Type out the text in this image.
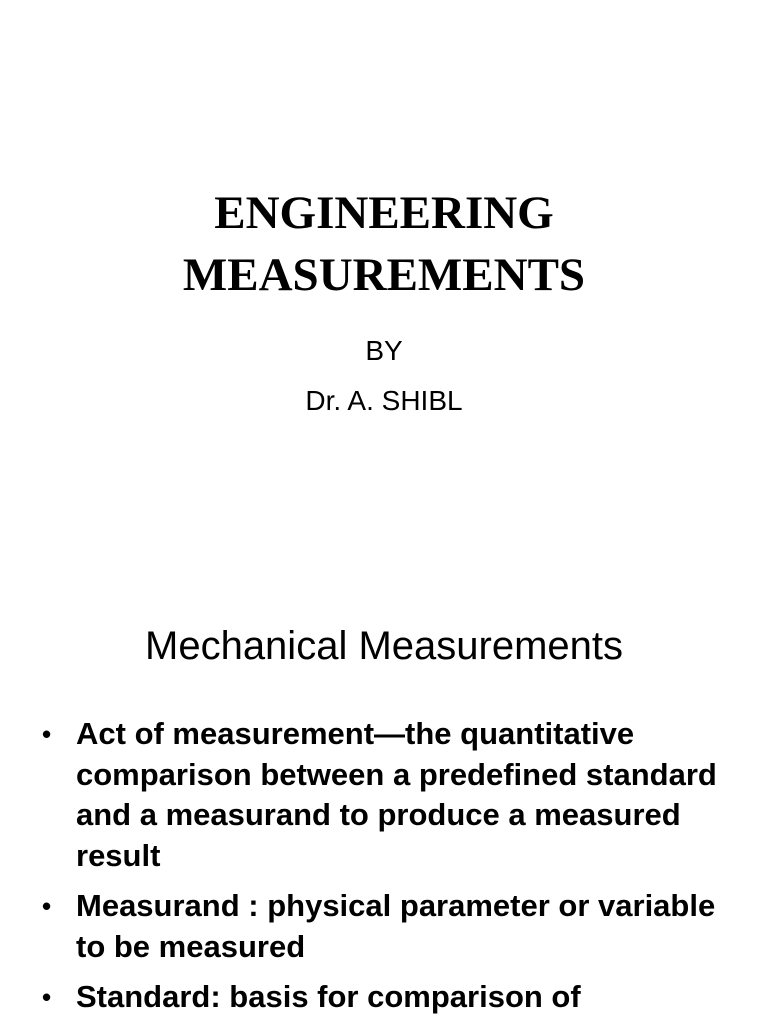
ENGINEERING
MEASUREMENTS
BY
Dr. A. SHIBL
Mechanical Measurements
• Act of measurement—the quantitative comparison between a predefined standard and a measurand to produce a measured result
• Measurand : physical parameter or variable to be measured
• Standard: basis for comparison of
